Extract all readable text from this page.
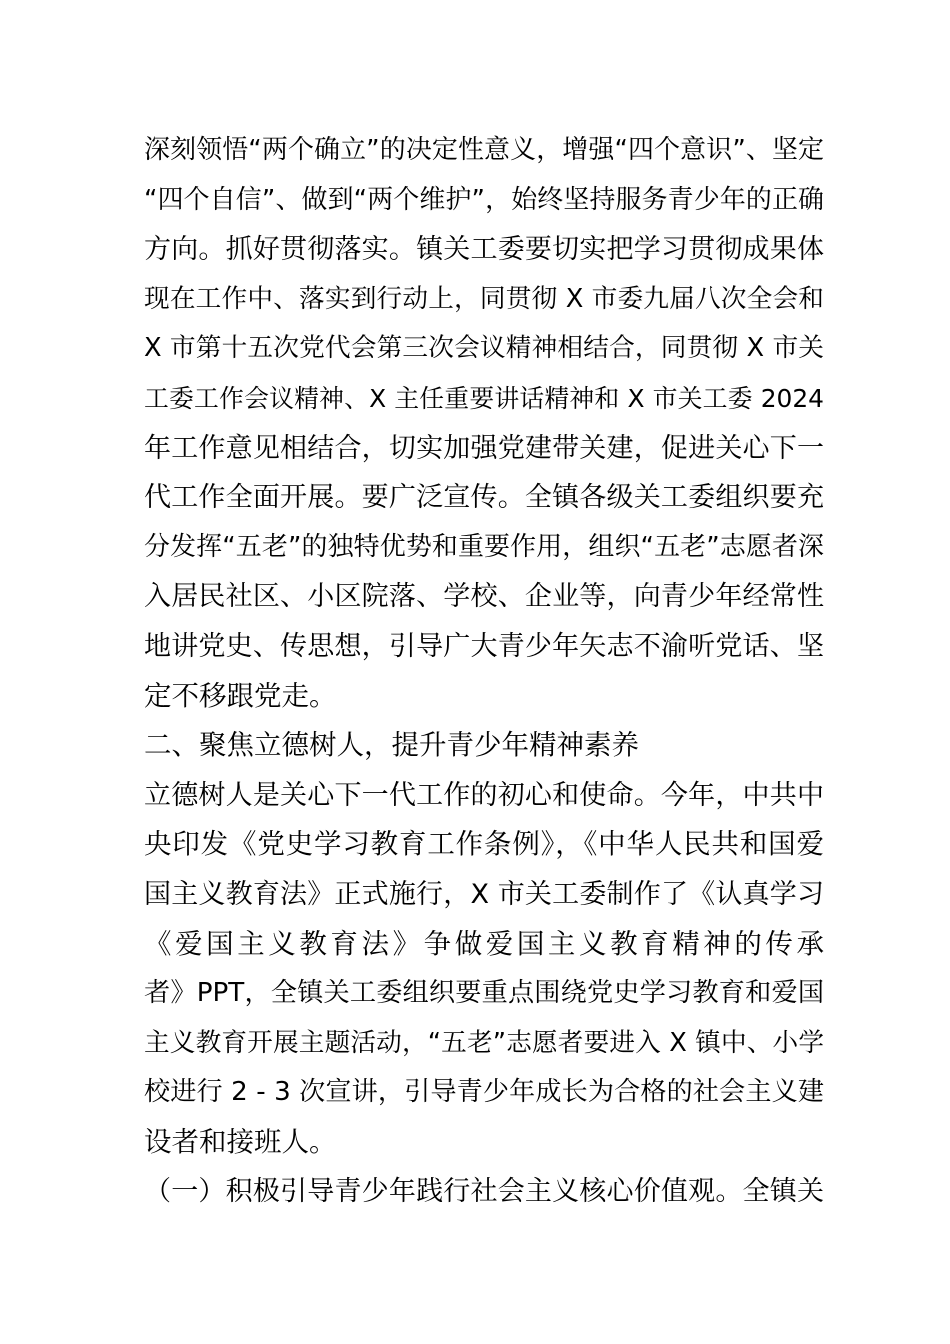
深刻领悟“两个确立”的决定性意义，增强“四个意识”、坚定
“四个自信”、做到“两个维护”，始终坚持服务青少年的正确
方向。抓好贯彻落实。镇关工委要切实把学习贯彻成果体
现在工作中、落实到行动上，同贯彻 X 市委九届八次全会和
X 市第十五次党代会第三次会议精神相结合，同贯彻 X 市关
工委工作会议精神、X 主任重要讲话精神和 X 市关工委 2024
年工作意见相结合，切实加强党建带关建，促进关心下一
代工作全面开展。要广泛宣传。全镇各级关工委组织要充
分发挥“五老”的独特优势和重要作用，组织“五老”志愿者深
入居民社区、小区院落、学校、企业等，向青少年经常性
地讲党史、传思想，引导广大青少年矢志不渝听党话、坚
定不移跟党走。
二、聚焦立德树人，提升青少年精神素养
立德树人是关心下一代工作的初心和使命。今年，中共中
央印发《党史学习教育工作条例》，《中华人民共和国爱
国主义教育法》正式施行，X 市关工委制作了《认真学习
《爱国主义教育法》争做爱国主义教育精神的传承
者》PPT，全镇关工委组织要重点围绕党史学习教育和爱国
主义教育开展主题活动，“五老”志愿者要进入 X 镇中、小学
校进行 2 - 3 次宣讲，引导青少年成长为合格的社会主义建
设者和接班人。
（一）积极引导青少年践行社会主义核心价值观。全镇关
